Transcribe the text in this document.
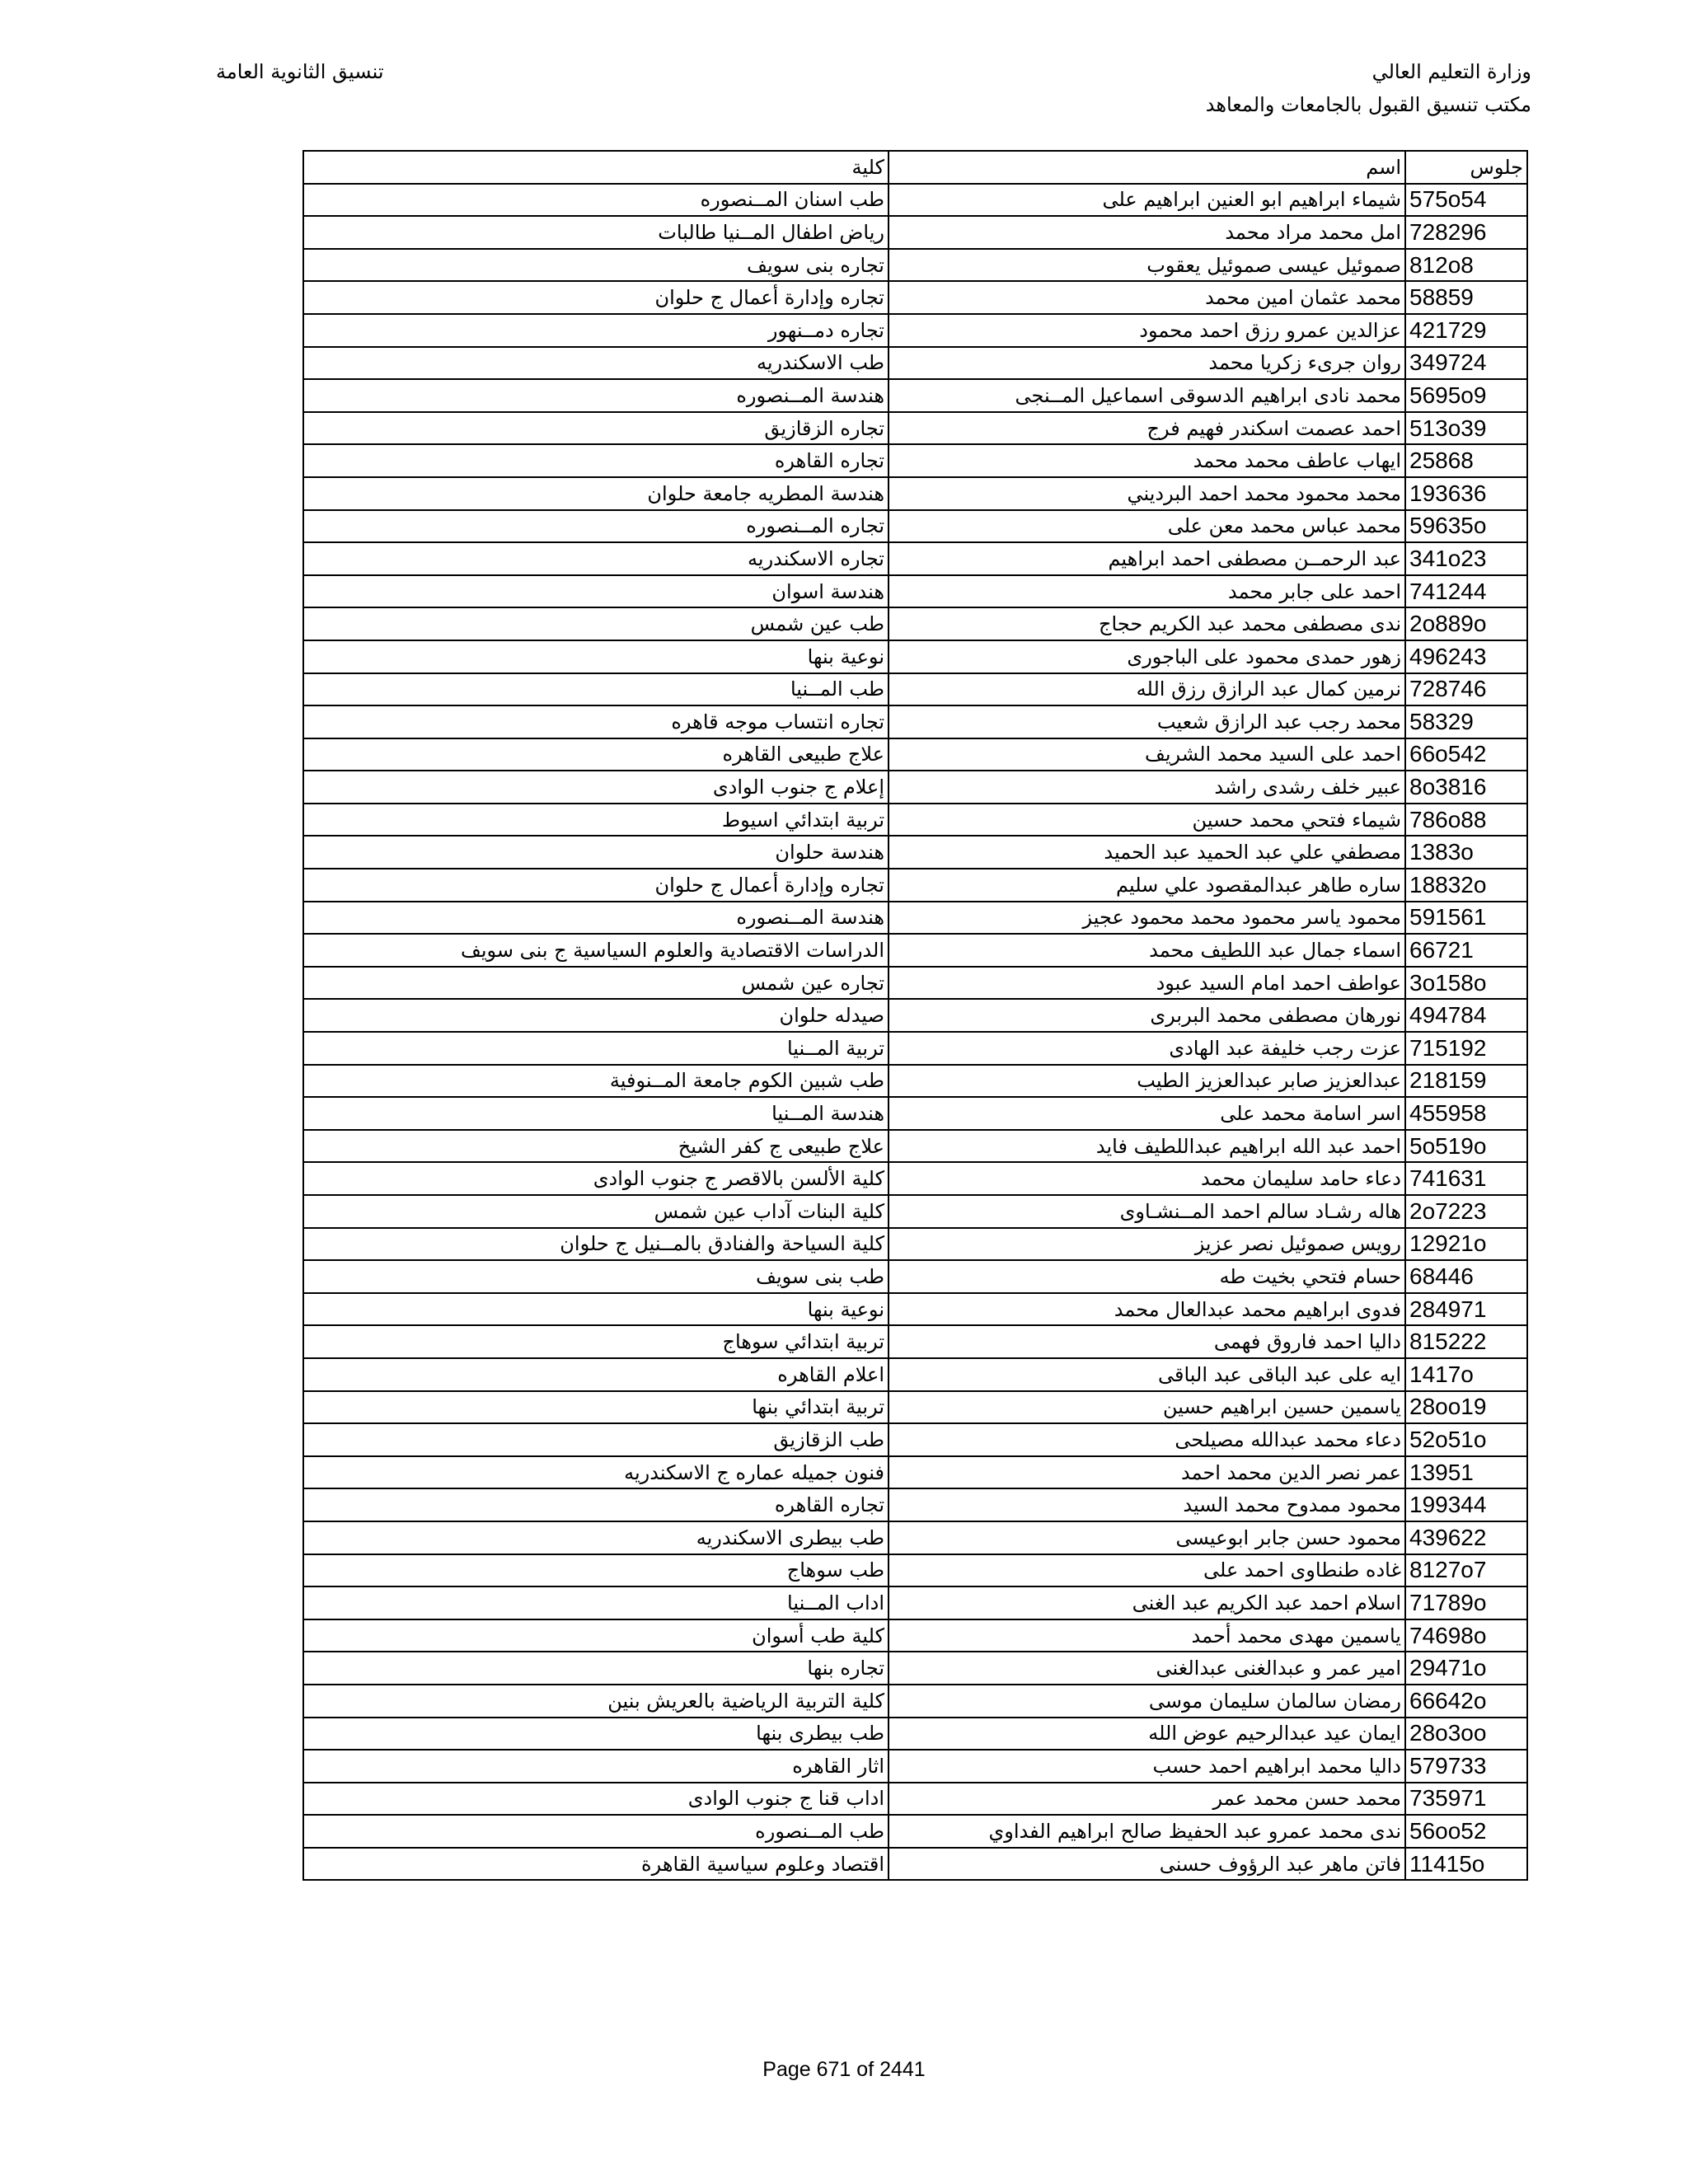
وزارة التعليم العالي
مكتب تنسيق القبول بالجامعات والمعاهد
تنسيق الثانوية العامة
جلوس	اسم	كلية
575o54	شيماء ابراهيم ابو العنين ابراهيم على	طب اسنان المــنصوره
728296	امل محمد مراد محمد	رياض اطفال المــنيا طالبات
812o8	صموئيل عيسى صموئيل يعقوب	تجاره بنى سويف
58859	محمد عثمان امين محمد	تجاره وإدارة أعمال ج حلوان
421729	عزالدين عمرو رزق احمد محمود	تجاره دمــنهور
349724	روان جرىء زكريا محمد	طب الاسكندريه
5695o9	محمد نادى ابراهيم الدسوقى اسماعيل المــنجى	هندسة المــنصوره
513o39	احمد عصمت اسكندر فهيم فرج	تجاره الزقازيق
25868	ايهاب عاطف محمد محمد	تجاره القاهره
193636	محمد محمود محمد احمد البرديني	هندسة المطريه جامعة حلوان
59635o	محمد عباس محمد معن على	تجاره المــنصوره
341o23	عبد الرحمــن مصطفى احمد ابراهيم	تجاره الاسكندريه
741244	احمد على جابر محمد	هندسة اسوان
2o889o	ندى مصطفى محمد عبد الكريم حجاج	طب عين شمس
496243	زهور حمدى محمود على الباجورى	نوعية بنها
728746	نرمين كمال عبد الرازق رزق الله	طب المــنيا
58329	محمد رجب عبد الرازق شعيب	تجاره انتساب موجه قاهره
66o542	احمد على السيد محمد الشريف	علاج طبيعى القاهره
8o3816	عبير خلف رشدى راشد	إعلام ج جنوب الوادى
786o88	شيماء فتحي محمد حسين	تربية ابتدائي اسيوط
1383o	مصطفي علي عبد الحميد عبد الحميد	هندسة حلوان
18832o	ساره طاهر عبدالمقصود علي سليم	تجاره وإدارة أعمال ج حلوان
591561	محمود ياسر محمود محمد محمود عجيز	هندسة المــنصوره
66721	اسماء جمال عبد اللطيف محمد	الدراسات الاقتصادية والعلوم السياسية ج بنى سويف
3o158o	عواطف احمد امام السيد عبود	تجاره عين شمس
494784	نورهان مصطفى محمد البربرى	صيدله حلوان
715192	عزت رجب خليفة عبد الهادى	تربية المــنيا
218159	عبدالعزيز صابر عبدالعزيز الطيب	طب شبين الكوم جامعة المــنوفية
455958	اسر اسامة محمد على	هندسة المــنيا
5o519o	احمد عبد الله ابراهيم عبداللطيف فايد	علاج طبيعى ج كفر الشيخ
741631	دعاء حامد سليمان محمد	كلية الألسن بالاقصر ج جنوب الوادى
2o7223	هاله رشـاد سالم احمد المــنشـاوى	كلية البنات آداب عين شمس
12921o	رويس صموئيل نصر عزيز	كلية السياحة والفنادق بالمــنيل ج حلوان
68446	حسام فتحي بخيت طه	طب بنى سويف
284971	فدوى ابراهيم محمد عبدالعال محمد	نوعية بنها
815222	داليا احمد فاروق فهمى	تربية ابتدائي سوهاج
1417o	ايه على عبد الباقى عبد الباقى	اعلام القاهره
28oo19	ياسمين حسين ابراهيم حسين	تربية ابتدائي بنها
52o51o	دعاء محمد عبدالله مصيلحى	طب الزقازيق
13951	عمر نصر الدين محمد احمد	فنون جميله عماره ج الاسكندريه
199344	محمود ممدوح محمد السيد	تجاره القاهره
439622	محمود حسن جابر ابوعيسى	طب بيطرى الاسكندريه
8127o7	غاده طنطاوى احمد على	طب سوهاج
71789o	اسلام احمد عبد الكريم عبد الغنى	اداب المــنيا
74698o	ياسمين مهدى محمد أحمد	كلية طب أسوان
29471o	امير عمر و عبدالغنى عبدالغنى	تجاره بنها
66642o	رمضان سالمان سليمان موسى	كلية التربية الرياضية بالعريش بنين
28o3oo	ايمان عيد عبدالرحيم عوض الله	طب بيطرى بنها
579733	داليا محمد ابراهيم احمد حسب	اثار القاهره
735971	محمد حسن محمد عمر	اداب قنا ج جنوب الوادى
56oo52	ندى محمد عمرو عبد الحفيظ صالح ابراهيم الفداوي	طب المــنصوره
11415o	فاتن ماهر عبد الرؤوف حسنى	اقتصاد وعلوم سياسية القاهرة
Page 671 of 2441
